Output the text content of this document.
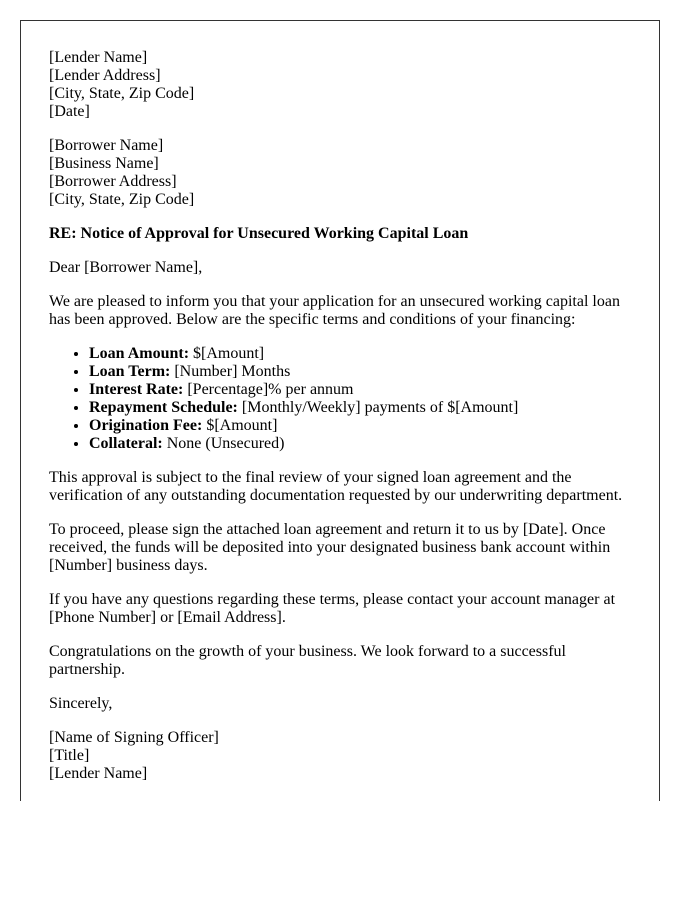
[Lender Name]
[Lender Address]
[City, State, Zip Code]
[Date]

[Borrower Name]
[Business Name]
[Borrower Address]
[City, State, Zip Code]

RE: Notice of Approval for Unsecured Working Capital Loan

Dear [Borrower Name],

We are pleased to inform you that your application for an unsecured working capital loan has been approved. Below are the specific terms and conditions of your financing:

• Loan Amount: $[Amount]
• Loan Term: [Number] Months
• Interest Rate: [Percentage]% per annum
• Repayment Schedule: [Monthly/Weekly] payments of $[Amount]
• Origination Fee: $[Amount]
• Collateral: None (Unsecured)

This approval is subject to the final review of your signed loan agreement and the verification of any outstanding documentation requested by our underwriting department.

To proceed, please sign the attached loan agreement and return it to us by [Date]. Once received, the funds will be deposited into your designated business bank account within [Number] business days.

If you have any questions regarding these terms, please contact your account manager at [Phone Number] or [Email Address].

Congratulations on the growth of your business. We look forward to a successful partnership.

Sincerely,

[Name of Signing Officer]
[Title]
[Lender Name]
